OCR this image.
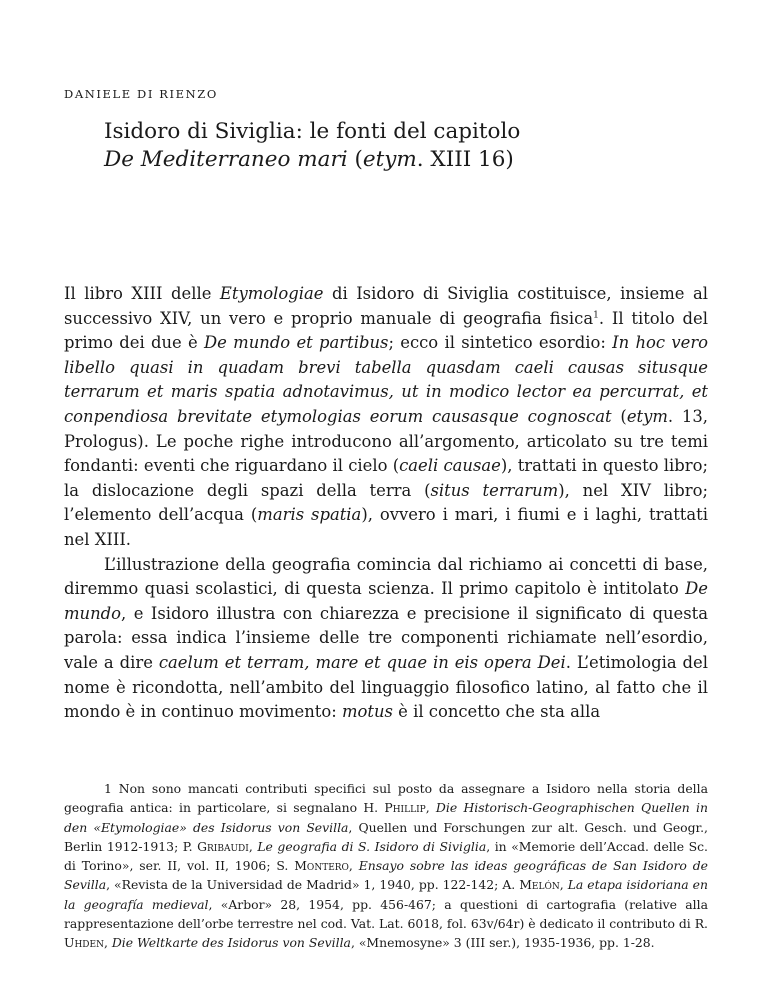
DANIELE DI RIENZO
Isidoro di Siviglia: le fonti del capitolo
De Mediterraneo mari (etym. XIII 16)

Il libro XIII delle Etymologiae di Isidoro di Siviglia costituisce, insieme al successivo XIV, un vero e proprio manuale di geografia fisica$^1$. Il titolo del primo dei due è De mundo et partibus; ecco il sintetico esordio: In hoc vero libello quasi in quadam brevi tabella quasdam caeli causas situsque terrarum et maris spatia adnotavimus, ut in modico lector ea percurrat, et conpendiosa brevitate etymologias eorum causasque cognoscat (etym. 13, Prologus). Le poche righe introducono all’argomento, articolato su tre temi fondanti: eventi che riguardano il cielo (caeli causae), trattati in questo libro; la dislocazione degli spazi della terra (situs terrarum), nel XIV libro; l’elemento dell’acqua (maris spatia), ovvero i mari, i fiumi e i laghi, trattati nel XIII.

L’illustrazione della geografia comincia dal richiamo ai concetti di base, diremmo quasi scolastici, di questa scienza. Il primo capitolo è intitolato De mundo, e Isidoro illustra con chiarezza e precisione il significato di questa parola: essa indica l’insieme delle tre componenti richiamate nell’esordio, vale a dire caelum et terram, mare et quae in eis opera Dei. L’etimologia del nome è ricondotta, nell’ambito del linguaggio filosofico latino, al fatto che il mondo è in continuo movimento: motus è il concetto che sta alla

1 Non sono mancati contributi specifici sul posto da assegnare a Isidoro nella storia della geografia antica: in particolare, si segnalano H. Phillip, Die Historisch-Geographischen Quellen in den «Etymologiae» des Isidorus von Sevilla, Quellen und Forschungen zur alt. Gesch. und Geogr., Berlin 1912-1913; P. Gribaudi, Le geografia di S. Isidoro di Siviglia, in «Memorie dell’Accad. delle Sc. di Torino», ser. II, vol. II, 1906; S. Montero, Ensayo sobre las ideas geográficas de San Isidoro de Sevilla, «Revista de la Universidad de Madrid» 1, 1940, pp. 122-142; A. Melón, La etapa isidoriana en la geografía medieval, «Arbor» 28, 1954, pp. 456-467; a questioni di cartografia (relative alla rappresentazione dell’orbe terrestre nel cod. Vat. Lat. 6018, fol. 63v/64r) è dedicato il contributo di R. Uhden, Die Weltkarte des Isidorus von Sevilla, «Mnemosyne» 3 (III ser.), 1935-1936, pp. 1-28.
